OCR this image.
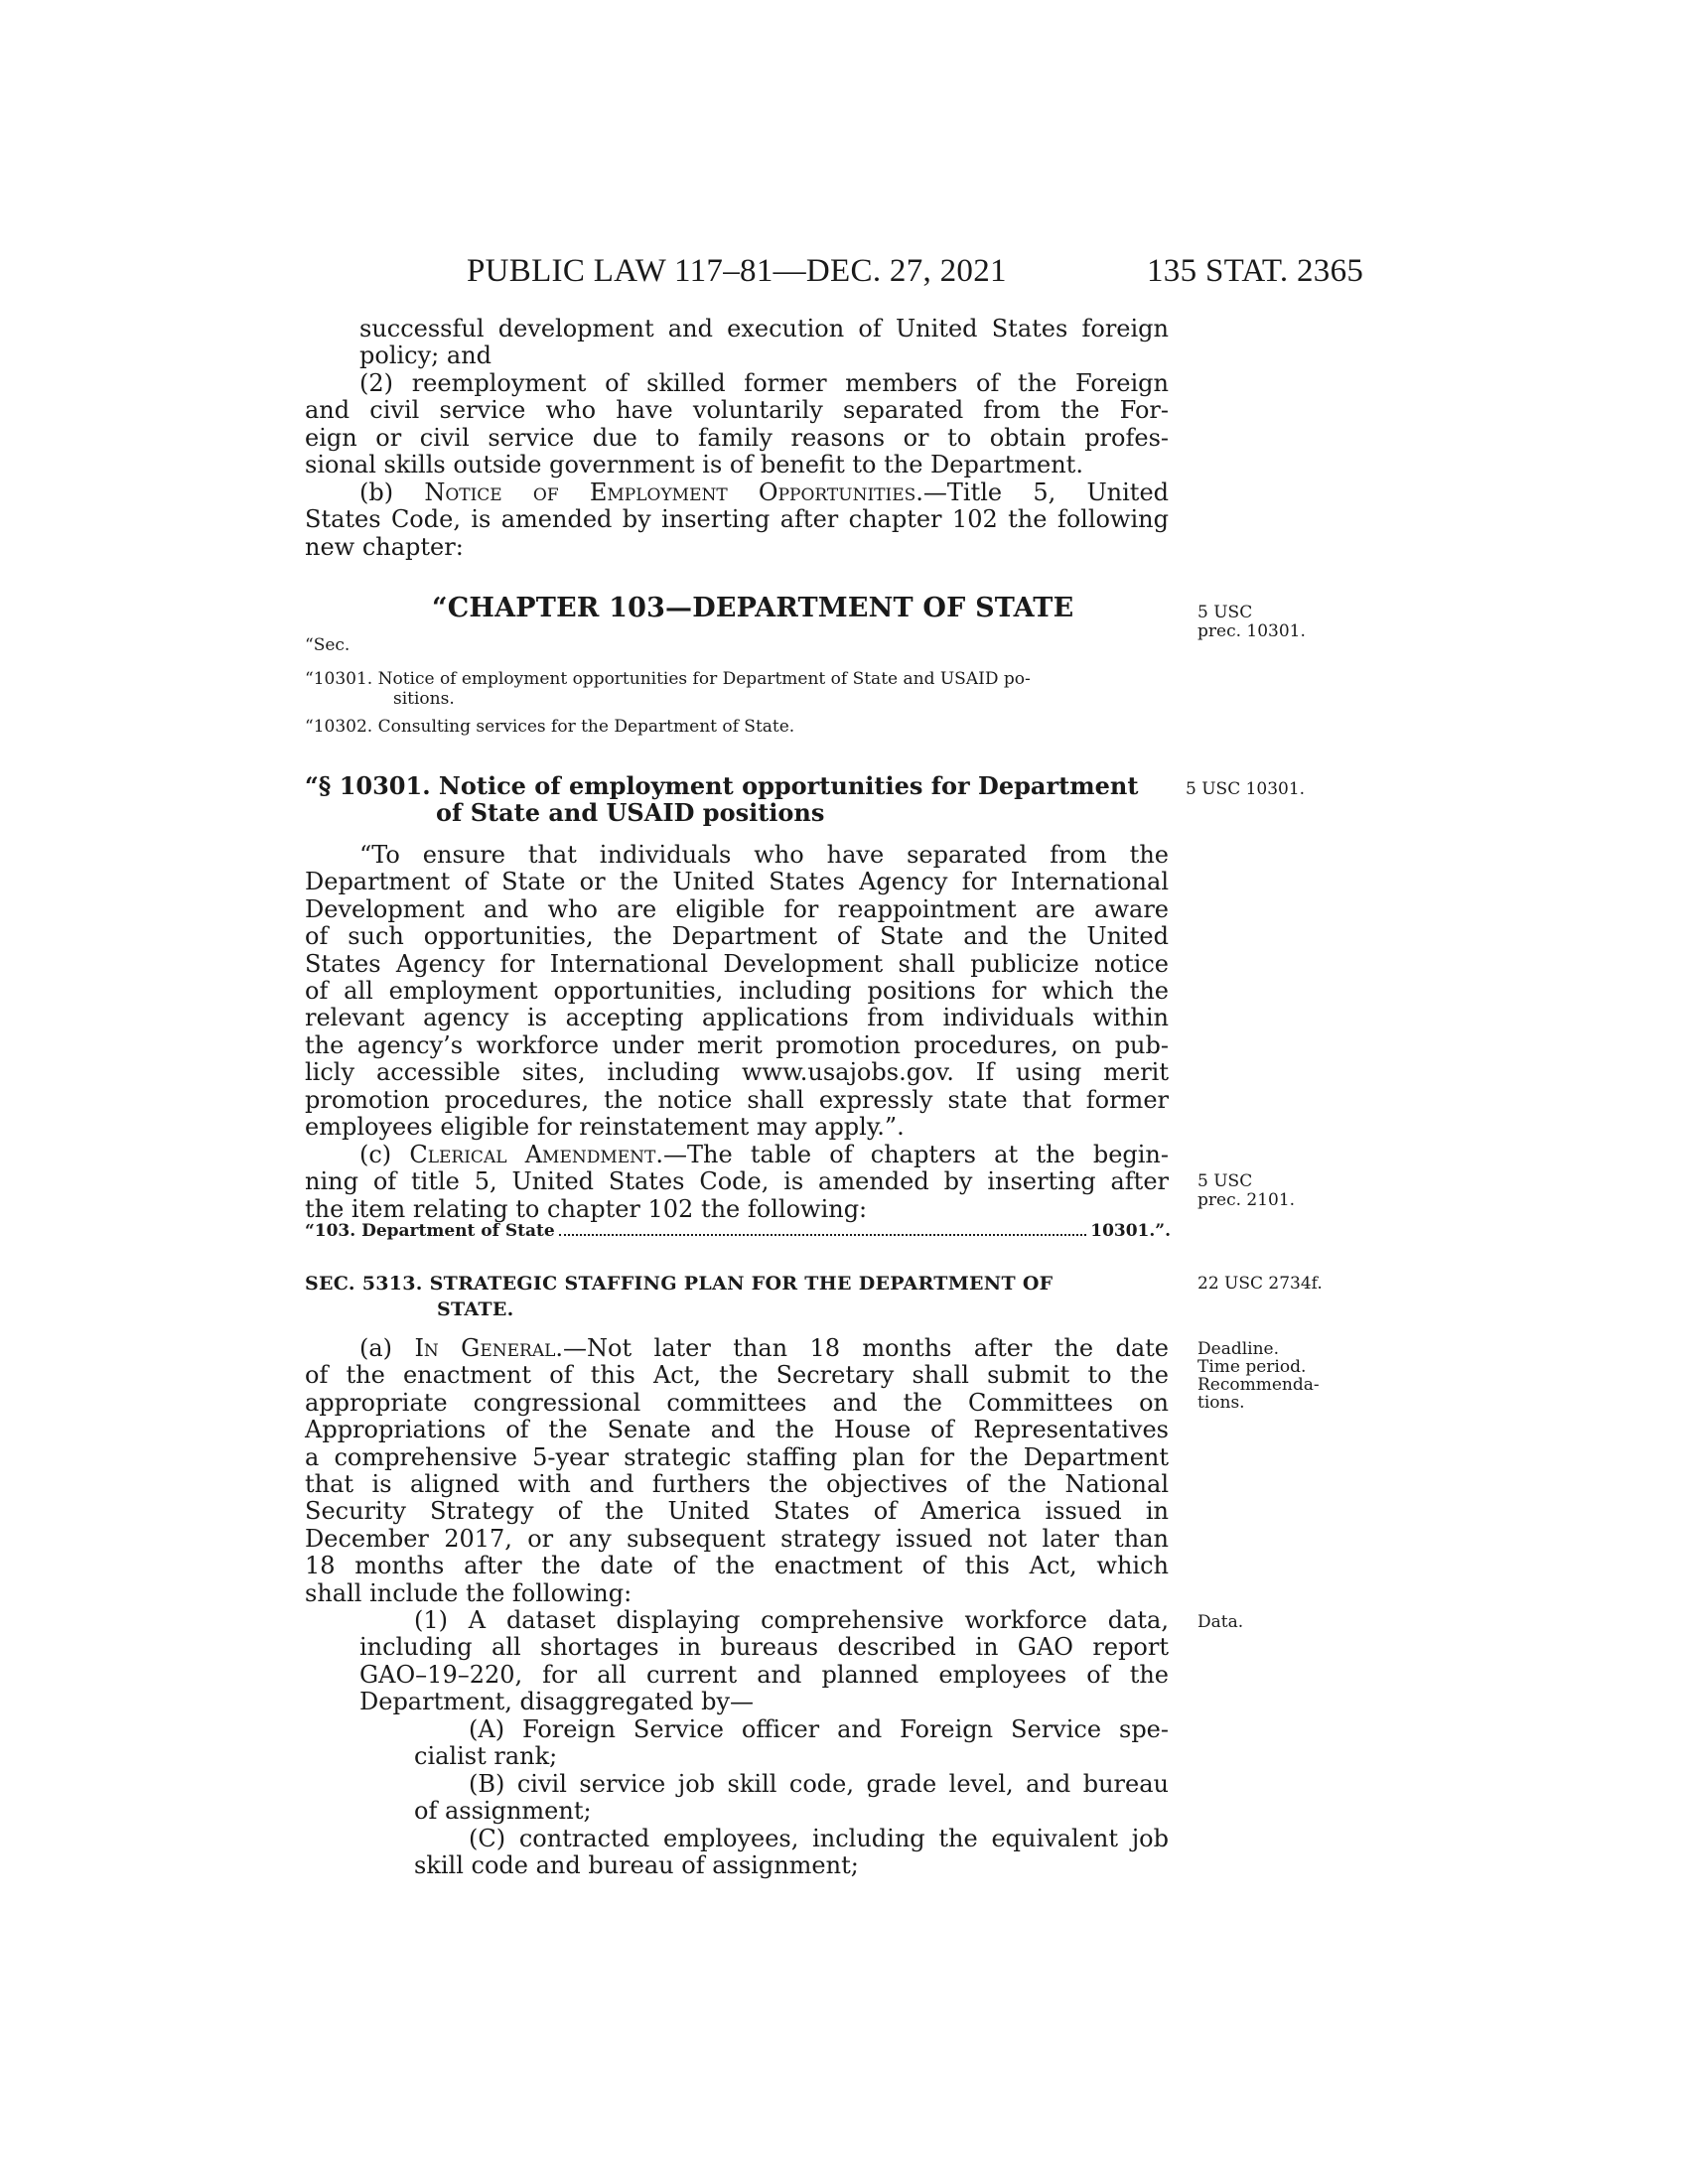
PUBLIC LAW 117–81—DEC. 27, 2021	135 STAT. 2365
successful development and execution of United States foreign
policy; and
(2) reemployment of skilled former members of the Foreign
and civil service who have voluntarily separated from the For-
eign or civil service due to family reasons or to obtain profes-
sional skills outside government is of benefit to the Department.
(b) Notice of Employment Opportunities.—Title 5, United
States Code, is amended by inserting after chapter 102 the following
new chapter:
“CHAPTER 103—DEPARTMENT OF STATE
“Sec.
“10301. Notice of employment opportunities for Department of State and USAID po-
sitions.
“10302. Consulting services for the Department of State.
“§ 10301. Notice of employment opportunities for Department
of State and USAID positions
“To ensure that individuals who have separated from the
Department of State or the United States Agency for International
Development and who are eligible for reappointment are aware
of such opportunities, the Department of State and the United
States Agency for International Development shall publicize notice
of all employment opportunities, including positions for which the
relevant agency is accepting applications from individuals within
the agency’s workforce under merit promotion procedures, on pub-
licly accessible sites, including www.usajobs.gov. If using merit
promotion procedures, the notice shall expressly state that former
employees eligible for reinstatement may apply.”.
(c) Clerical Amendment.—The table of chapters at the begin-
ning of title 5, United States Code, is amended by inserting after
the item relating to chapter 102 the following:
“103. Department of State	10301.”.
SEC. 5313. STRATEGIC STAFFING PLAN FOR THE DEPARTMENT OF
STATE.
(a) In General.—Not later than 18 months after the date
of the enactment of this Act, the Secretary shall submit to the
appropriate congressional committees and the Committees on
Appropriations of the Senate and the House of Representatives
a comprehensive 5-year strategic staffing plan for the Department
that is aligned with and furthers the objectives of the National
Security Strategy of the United States of America issued in
December 2017, or any subsequent strategy issued not later than
18 months after the date of the enactment of this Act, which
shall include the following:
(1) A dataset displaying comprehensive workforce data,
including all shortages in bureaus described in GAO report
GAO–19–220, for all current and planned employees of the
Department, disaggregated by—
(A) Foreign Service officer and Foreign Service spe-
cialist rank;
(B) civil service job skill code, grade level, and bureau
of assignment;
(C) contracted employees, including the equivalent job
skill code and bureau of assignment;
5 USC
prec. 10301.
5 USC 10301.
5 USC
prec. 2101.
22 USC 2734f.
Deadline.
Time period.
Recommenda-
tions.
Data.
